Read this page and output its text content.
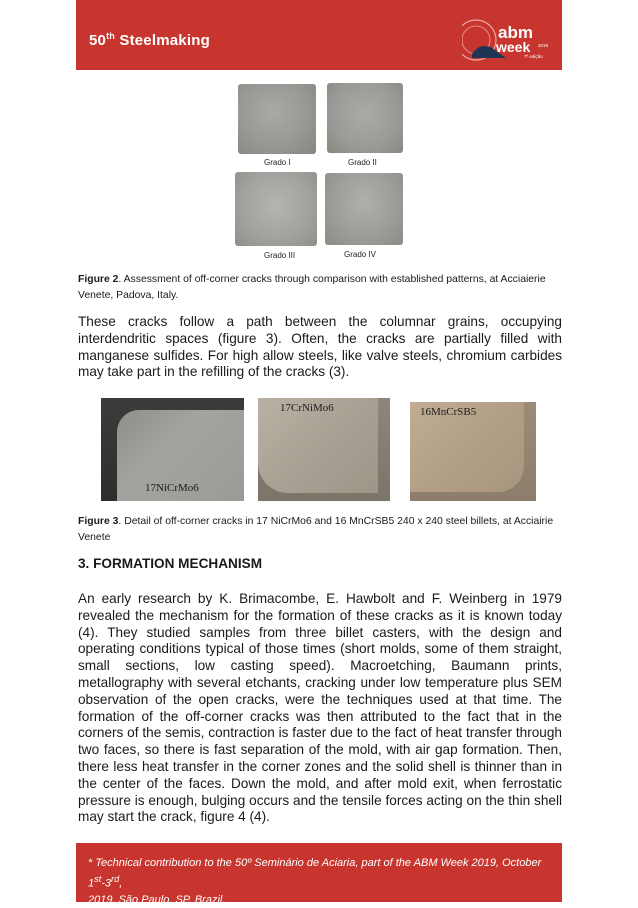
50th Steelmaking	abm
week 2019
7ª edição
Grado I	Grado II
Grado III	Grado IV
Figure 2. Assessment of off-corner cracks through comparison with established patterns, at Acciaierie Venete, Padova, Italy.
These cracks follow a path between the columnar grains, occupying interdendritic spaces (figure 3). Often, the cracks are partially filled with manganese sulfides. For high allow steels, like valve steels, chromium carbides may take part in the refilling of the cracks (3).
17NiCrMo6
17CrNiMo6	16MnCrSB5
Figure 3. Detail of off-corner cracks in 17 NiCrMo6 and 16 MnCrSB5 240 x 240 steel billets, at Acciairie Venete
3. FORMATION MECHANISM
An early research by K. Brimacombe, E. Hawbolt and F. Weinberg in 1979 revealed the mechanism for the formation of these cracks as it is known today (4). They studied samples from three billet casters, with the design and operating conditions typical of those times (short molds, some of them straight, small sections, low casting speed). Macroetching, Baumann prints, metallography with several etchants, cracking under low temperature plus SEM observation of the open cracks, were the techniques used at that time. The formation of the off-corner cracks was then attributed to the fact that in the corners of the semis, contraction is faster due to the fact of heat transfer through two faces, so there is fast separation of the mold, with air gap formation. Then, there less heat transfer in the corner zones and the solid shell is thinner than in the center of the faces. Down the mold, and after mold exit, when ferrostatic pressure is enough, bulging occurs and the tensile forces acting on the thin shell may start the crack, figure 4 (4).
* Technical contribution to the 50º Seminário de Aciaria, part of the ABM Week 2019, October 1st-3rd,
2019, São Paulo, SP, Brazil.
